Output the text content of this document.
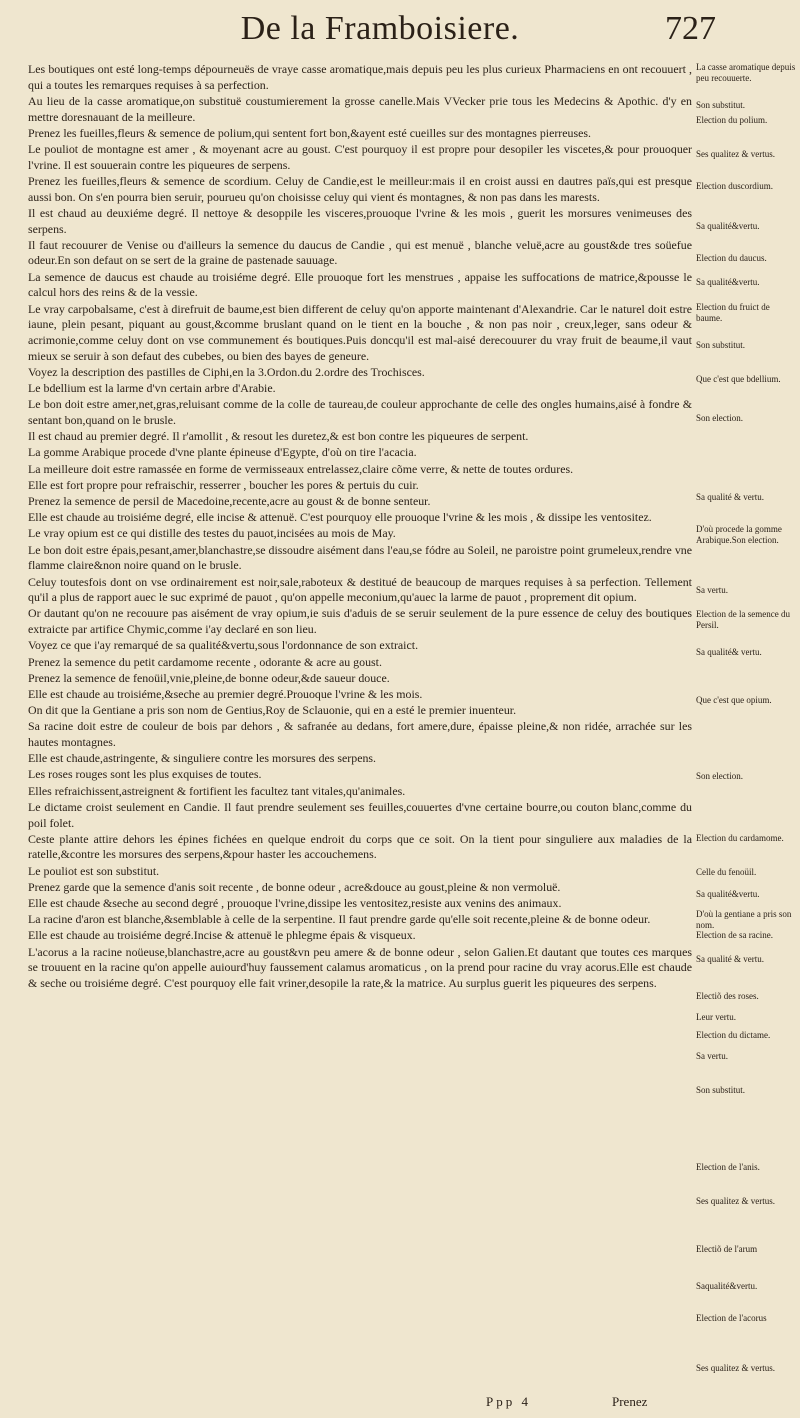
De la Framboisiere.	727

Les boutiques ont esté long-temps dépourneuës de vraye casse aromatique,mais depuis peu les plus curieux Pharmaciens en ont recouuert , qui a toutes les remarques requises à sa perfection.

Au lieu de la casse aromatique,on substituë coustumierement la grosse canelle.Mais VVecker prie tous les Medecins & Apothic. d'y en mettre doresnauant de la meilleure.

Prenez les fueilles,fleurs & semence de polium,qui sentent fort bon,&ayent esté cueilles sur des montagnes pierreuses.

Le pouliot de montagne est amer , & moyenant acre au goust. C'est pourquoy il est propre pour desopiler les viscetes,& pour prouoquer l'vrine. Il est souuerain contre les piqueures de serpens.

Prenez les fueilles,fleurs & semence de scordium. Celuy de Candie,est le meilleur:mais il en croist aussi en dautres païs,qui est presque aussi bon. On s'en pourra bien seruir, pourueu qu'on choisisse celuy qui vient és montagnes, & non pas dans les marests.

Il est chaud au deuxiéme degré. Il nettoye & desoppile les visceres,prouoque l'vrine & les mois , guerit les morsures venimeuses des serpens.

Il faut recouurer de Venise ou d'ailleurs la semence du daucus de Candie , qui est menuë , blanche veluë,acre au goust&de tres soüefue odeur.En son defaut on se sert de la graine de pastenade sauuage.

La semence de daucus est chaude au troisiéme degré. Elle prouoque fort les menstrues , appaise les suffocations de matrice,&pousse le calcul hors des reins & de la vessie.

Le vray carpobalsame, c'est à direfruit de baume,est bien different de celuy qu'on apporte maintenant d'Alexandrie. Car le naturel doit estre iaune, plein pesant, piquant au goust,&comme bruslant quand on le tient en la bouche , & non pas noir , creux,leger, sans odeur & acrimonie,comme celuy dont on vse communement és boutiques.Puis doncqu'il est mal-aisé derecouurer du vray fruit de beaume,il vaut mieux se seruir à son defaut des cubebes, ou bien des bayes de geneure.

Voyez la description des pastilles de Ciphi,en la 3.Ordon.du 2.ordre des Trochisces.

Le bdellium est la larme d'vn certain arbre d'Arabie.

Le bon doit estre amer,net,gras,reluisant comme de la colle de taureau,de couleur approchante de celle des ongles humains,aisé à fondre & sentant bon,quand on le brusle.

Il est chaud au premier degré. Il r'amollit , & resout les duretez,& est bon contre les piqueures de serpent.

La gomme Arabique procede d'vne plante épineuse d'Egypte, d'où on tire l'acacia.

La meilleure doit estre ramassée en forme de vermisseaux entrelassez,claire cõme verre, & nette de toutes ordures.

Elle est fort propre pour refraischir, resserrer , boucher les pores & pertuis du cuir.

Prenez la semence de persil de Macedoine,recente,acre au goust & de bonne senteur.

Elle est chaude au troisiéme degré, elle incise & attenuë. C'est pourquoy elle prouoque l'vrine & les mois , & dissipe les ventositez.

Le vray opium est ce qui distille des testes du pauot,incisées au mois de May.

Le bon doit estre épais,pesant,amer,blanchastre,se dissoudre aisément dans l'eau,se fódre au Soleil, ne paroistre point grumeleux,rendre vne flamme claire&non noire quand on le brusle.

Celuy toutesfois dont on vse ordinairement est noir,sale,raboteux & destitué de beaucoup de marques requises à sa perfection. Tellement qu'il a plus de rapport auec le suc exprimé de pauot , qu'on appelle meconium,qu'auec la larme de pauot , proprement dit opium.

Or dautant qu'on ne recouure pas aisément de vray opium,ie suis d'aduis de se seruir seulement de la pure essence de celuy des boutiques extraicte par artifice Chymic,comme i'ay declaré en son lieu.

Voyez ce que i'ay remarqué de sa qualité&vertu,sous l'ordonnance de son extraict.

Prenez la semence du petit cardamome recente , odorante & acre au goust.

Prenez la semence de fenoüil,vnie,pleine,de bonne odeur,&de saueur douce.

Elle est chaude au troisiéme,&seche au premier degré.Prouoque l'vrine & les mois.

On dit que la Gentiane a pris son nom de Gentius,Roy de Sclauonie, qui en a esté le premier inuenteur.

Sa racine doit estre de couleur de bois par dehors , & safranée au dedans, fort amere,dure, épaisse pleine,& non ridée, arrachée sur les hautes montagnes.

Elle est chaude,astringente, & singuliere contre les morsures des serpens.

Les roses rouges sont les plus exquises de toutes.

Elles refraichissent,astreignent & fortifient les facultez tant vitales,qu'animales.

Le dictame croist seulement en Candie. Il faut prendre seulement ses feuilles,couuertes d'vne certaine bourre,ou couton blanc,comme du poil folet.

Ceste plante attire dehors les épines fichées en quelque endroit du corps que ce soit. On la tient pour singuliere aux maladies de la ratelle,&contre les morsures des serpens,&pour haster les accouchemens.

Le pouliot est son substitut.

Prenez garde que la semence d'anis soit recente , de bonne odeur , acre&douce au goust,pleine & non vermoluë.

Elle est chaude &seche au second degré , prouoque l'vrine,dissipe les ventositez,resiste aux venins des animaux.

La racine d'aron est blanche,&semblable à celle de la serpentine. Il faut prendre garde qu'elle soit recente,pleine & de bonne odeur.

Elle est chaude au troisiéme degré.Incise & attenuë le phlegme épais & visqueux.

L'acorus a la racine noüeuse,blanchastre,acre au goust&vn peu amere & de bonne odeur , selon Galien.Et dautant que toutes ces marques se trouuent en la racine qu'on appelle auiourd'huy faussement calamus aromaticus , on la prend pour racine du vray acorus.Elle est chaude & seche ou troisiéme degré. C'est pourquoy elle fait vriner,desopile la rate,& la matrice. Au surplus guerit les piqueures des serpens.

La casse aromatique depuis peu recouuerte.
Son substitut.
Election du polium.
Ses qualitez & vertus.
Election duscordium.
Sa qualité&vertu.
Election du daucus.
Sa qualité&vertu.
Election du fruict de baume.
Son substitut.
Que c'est que bdellium.
Son election.
Sa qualité & vertu.
D'où procede la gomme Arabique.Son election.
Sa vertu.
Election de la semence du Persil.
Sa qualité& vertu.
Que c'est que opium.
Son election.
Election du cardamome.
Celle du fenoüil.
Sa qualité&vertu.
D'où la gentiane a pris son nom.
Election de sa racine.
Sa qualité & vertu.
Electiõ des roses.
Leur vertu.
Election du dictame.
Sa vertu.
Son substitut.
Election de l'anis.
Ses qualitez & vertus.
Electiõ de l'arum
Saqualité&vertu.
Election de l'acorus
Ses qualitez & vertus.
Ppp 4	Prenez
